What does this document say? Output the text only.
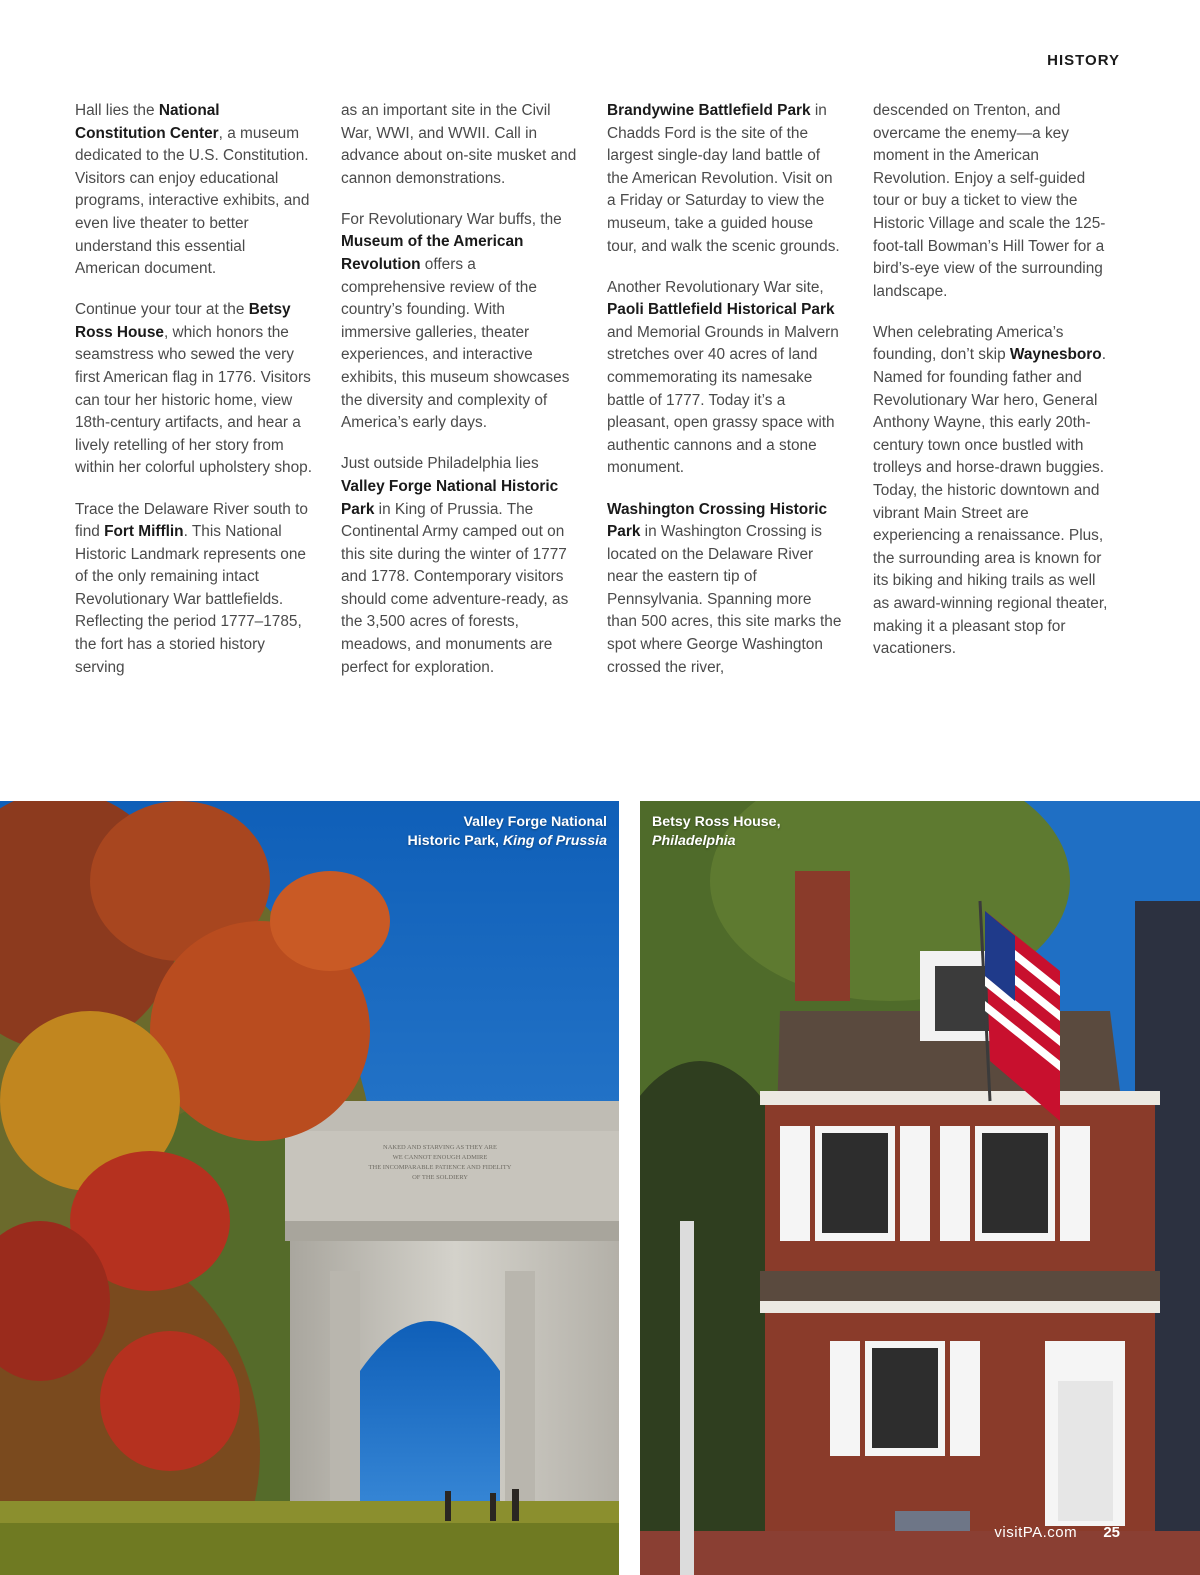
HISTORY

Hall lies the National Constitution Center, a museum dedicated to the U.S. Constitution. Visitors can enjoy educational programs, interactive exhibits, and even live theater to better understand this essential American document.

Continue your tour at the Betsy Ross House, which honors the seamstress who sewed the very first American flag in 1776. Visitors can tour her historic home, view 18th-century artifacts, and hear a lively retelling of her story from within her colorful upholstery shop.

Trace the Delaware River south to find Fort Mifflin. This National Historic Landmark represents one of the only remaining intact Revolutionary War battlefields. Reflecting the period 1777–1785, the fort has a storied history serving

as an important site in the Civil War, WWI, and WWII. Call in advance about on-site musket and cannon demonstrations.

For Revolutionary War buffs, the Museum of the American Revolution offers a comprehensive review of the country’s founding. With immersive galleries, theater experiences, and interactive exhibits, this museum showcases the diversity and complexity of America’s early days.

Just outside Philadelphia lies Valley Forge National Historic Park in King of Prussia. The Continental Army camped out on this site during the winter of 1777 and 1778. Contemporary visitors should come adventure-ready, as the 3,500 acres of forests, meadows, and monuments are perfect for exploration.

Brandywine Battlefield Park in Chadds Ford is the site of the largest single-day land battle of the American Revolution. Visit on a Friday or Saturday to view the museum, take a guided house tour, and walk the scenic grounds.

Another Revolutionary War site, Paoli Battlefield Historical Park and Memorial Grounds in Malvern stretches over 40 acres of land commemorating its namesake battle of 1777. Today it’s a pleasant, open grassy space with authentic cannons and a stone monument.

Washington Crossing Historic Park in Washington Crossing is located on the Delaware River near the eastern tip of Pennsylvania. Spanning more than 500 acres, this site marks the spot where George Washington crossed the river,

descended on Trenton, and overcame the enemy—a key moment in the American Revolution. Enjoy a self-guided tour or buy a ticket to view the Historic Village and scale the 125-foot-tall Bowman’s Hill Tower for a bird’s-eye view of the surrounding landscape.

When celebrating America’s founding, don’t skip Waynesboro. Named for founding father and Revolutionary War hero, General Anthony Wayne, this early 20th-century town once bustled with trolleys and horse-drawn buggies. Today, the historic downtown and vibrant Main Street are experiencing a renaissance. Plus, the surrounding area is known for its biking and hiking trails as well as award-winning regional theater, making it a pleasant stop for vacationers.

NAKED AND STARVING AS THEY ARE
WE CANNOT ENOUGH ADMIRE
THE INCOMPARABLE PATIENCE AND FIDELITY
OF THE SOLDIERY
Valley Forge National
Historic Park, King of Prussia
Betsy Ross House,
Philadelphia
visitPA.com 25
